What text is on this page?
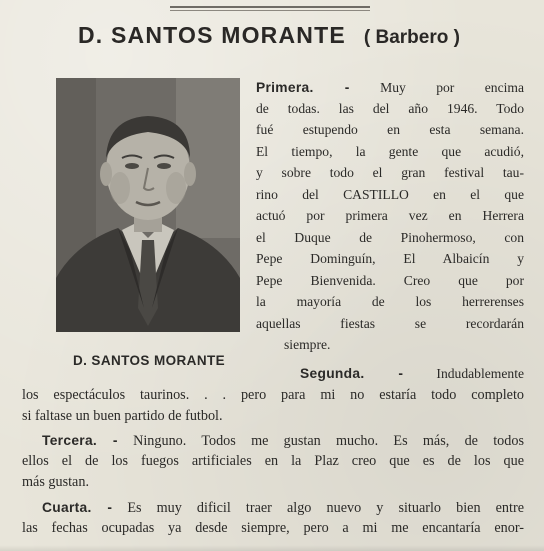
D. SANTOS MORANTE ( Barbero )
D. SANTOS MORANTE
Primera. - Muy por encima
de todas. las del año 1946. Todo
fué estupendo en esta semana.
El tiempo, la gente que acudió,
y sobre todo el gran festival tau-
rino del CASTILLO en el que
actuó por primera vez en Herrera
el Duque de Pinohermoso, con
Pepe Dominguín, El Albaicín y
Pepe Bienvenida. Creo que por
la mayoría de los herrerenses
aquellas fiestas se recordarán
siempre.
Segunda. - Indudablemente
los espectáculos taurinos. . . pero para mi no estaría todo completo
si faltase un buen partido de futbol.
Tercera. - Ninguno. Todos me gustan mucho. Es más, de todos
ellos el de los fuegos artificiales en la Plaz creo que es de los que
más gustan.
Cuarta. - Es muy dificil traer algo nuevo y situarlo bien entre
las fechas ocupadas ya desde siempre, pero a mi me encantaría enor-
